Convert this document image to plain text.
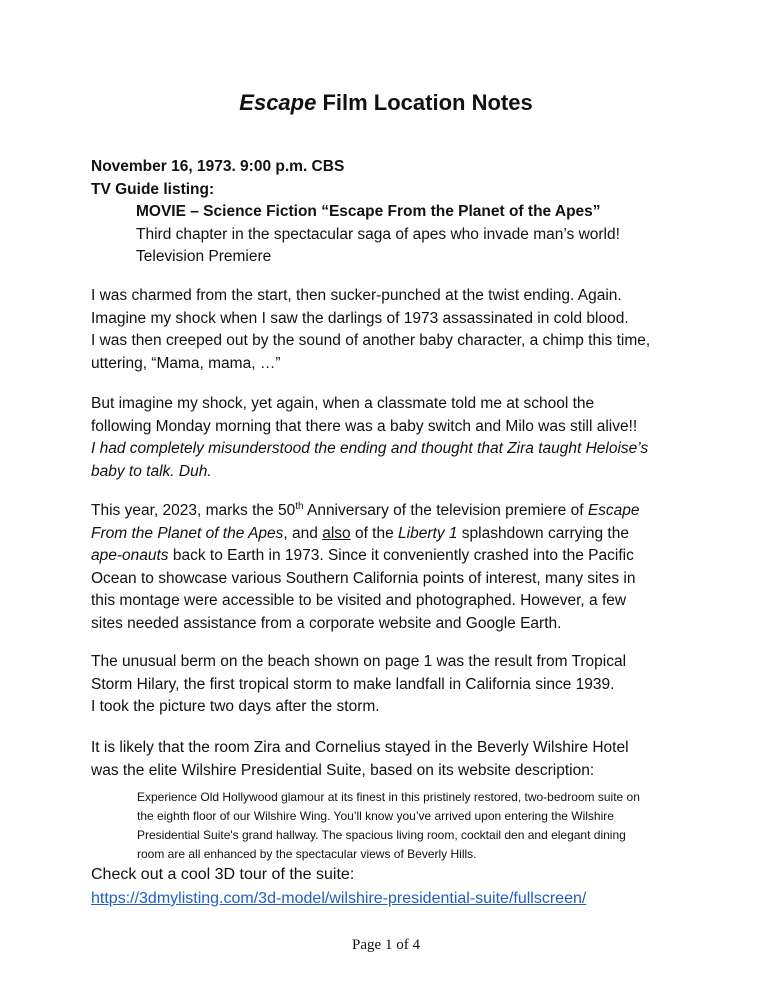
Escape Film Location Notes

November 16, 1973. 9:00 p.m. CBS

TV Guide listing:

MOVIE – Science Fiction “Escape From the Planet of the Apes”

Third chapter in the spectacular saga of apes who invade man’s world!

Television Premiere

I was charmed from the start, then sucker-punched at the twist ending. Again.

Imagine my shock when I saw the darlings of 1973 assassinated in cold blood.

I was then creeped out by the sound of another baby character, a chimp this time,

uttering, “Mama, mama, …”

But imagine my shock, yet again, when a classmate told me at school the

following Monday morning that there was a baby switch and Milo was still alive!!

I had completely misunderstood the ending and thought that Zira taught Heloise’s

baby to talk. Duh.

This year, 2023, marks the 50th Anniversary of the television premiere of Escape

From the Planet of the Apes, and also of the Liberty 1 splashdown carrying the

ape-onauts back to Earth in 1973. Since it conveniently crashed into the Pacific

Ocean to showcase various Southern California points of interest, many sites in

this montage were accessible to be visited and photographed. However, a few

sites needed assistance from a corporate website and Google Earth.

The unusual berm on the beach shown on page 1 was the result from Tropical

Storm Hilary, the first tropical storm to make landfall in California since 1939.

I took the picture two days after the storm.

It is likely that the room Zira and Cornelius stayed in the Beverly Wilshire Hotel

was the elite Wilshire Presidential Suite, based on its website description:

Experience Old Hollywood glamour at its finest in this pristinely restored, two-bedroom suite on

the eighth floor of our Wilshire Wing. You’ll know you’ve arrived upon entering the Wilshire

Presidential Suite's grand hallway. The spacious living room, cocktail den and elegant dining

room are all enhanced by the spectacular views of Beverly Hills.

Check out a cool 3D tour of the suite:

https://3dmylisting.com/3d-model/wilshire-presidential-suite/fullscreen/

Page 1 of 4
